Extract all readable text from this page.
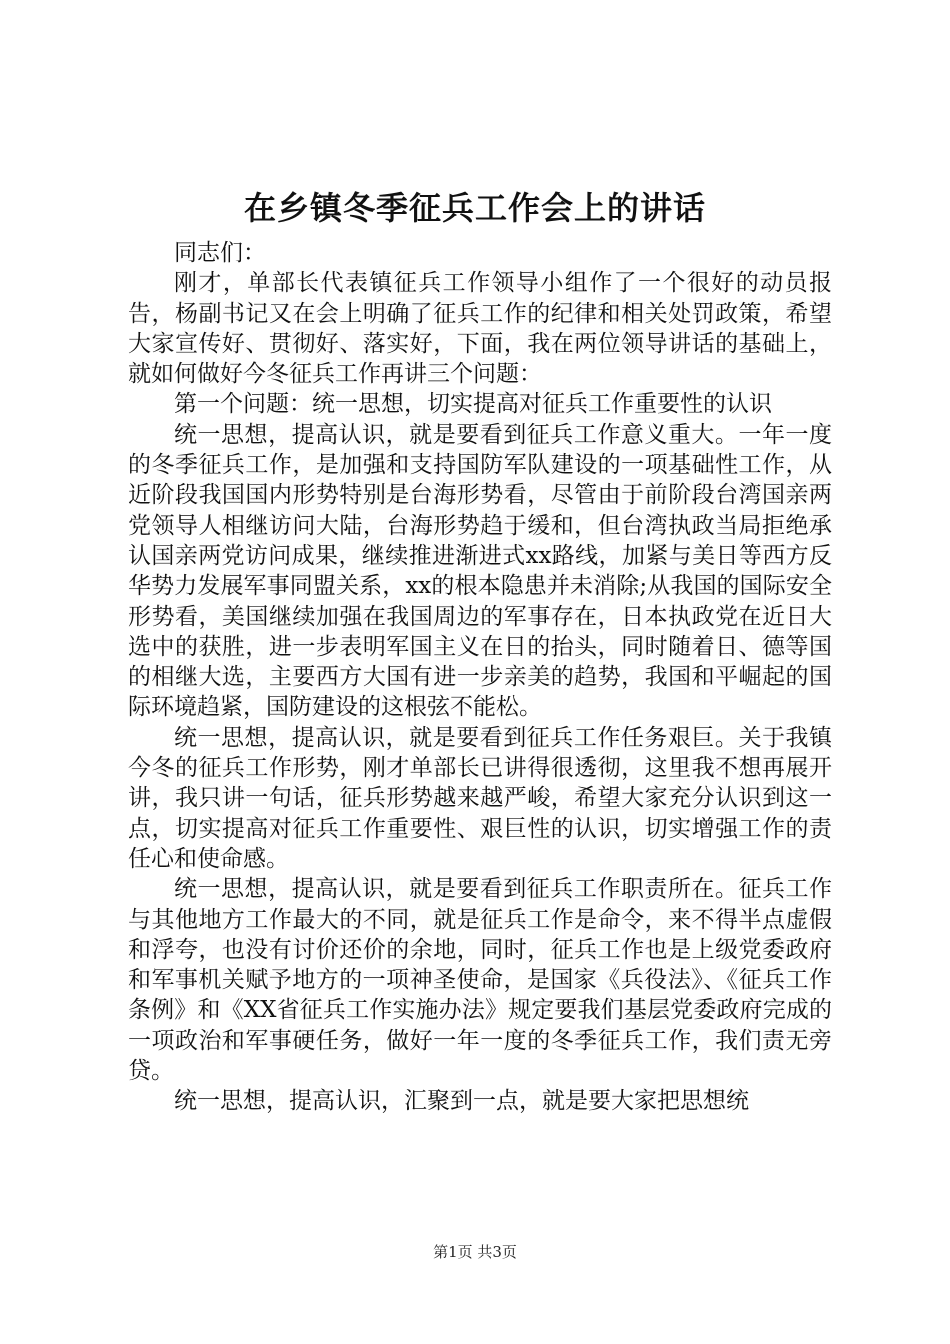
在乡镇冬季征兵工作会上的讲话

同志们：

刚才，单部长代表镇征兵工作领导小组作了一个很好的动员报告，杨副书记又在会上明确了征兵工作的纪律和相关处罚政策，希望大家宣传好、贯彻好、落实好，下面，我在两位领导讲话的基础上，就如何做好今冬征兵工作再讲三个问题：

第一个问题：统一思想，切实提高对征兵工作重要性的认识

统一思想，提高认识，就是要看到征兵工作意义重大。一年一度的冬季征兵工作，是加强和支持国防军队建设的一项基础性工作，从近阶段我国国内形势特别是台海形势看，尽管由于前阶段台湾国亲两党领导人相继访问大陆，台海形势趋于缓和，但台湾执政当局拒绝承认国亲两党访问成果，继续推进渐进式xx路线，加紧与美日等西方反华势力发展军事同盟关系，xx的根本隐患并未消除;从我国的国际安全形势看，美国继续加强在我国周边的军事存在，日本执政党在近日大选中的获胜，进一步表明军国主义在日的抬头，同时随着日、德等国的相继大选，主要西方大国有进一步亲美的趋势，我国和平崛起的国际环境趋紧，国防建设的这根弦不能松。

统一思想，提高认识，就是要看到征兵工作任务艰巨。关于我镇今冬的征兵工作形势，刚才单部长已讲得很透彻，这里我不想再展开讲，我只讲一句话，征兵形势越来越严峻，希望大家充分认识到这一点，切实提高对征兵工作重要性、艰巨性的认识，切实增强工作的责任心和使命感。

统一思想，提高认识，就是要看到征兵工作职责所在。征兵工作与其他地方工作最大的不同，就是征兵工作是命令，来不得半点虚假和浮夸，也没有讨价还价的余地，同时，征兵工作也是上级党委政府和军事机关赋予地方的一项神圣使命，是国家《兵役法》、《征兵工作条例》和《XX省征兵工作实施办法》规定要我们基层党委政府完成的一项政治和军事硬任务，做好一年一度的冬季征兵工作，我们责无旁贷。

统一思想，提高认识，汇聚到一点，就是要大家把思想统

第1页 共3页
